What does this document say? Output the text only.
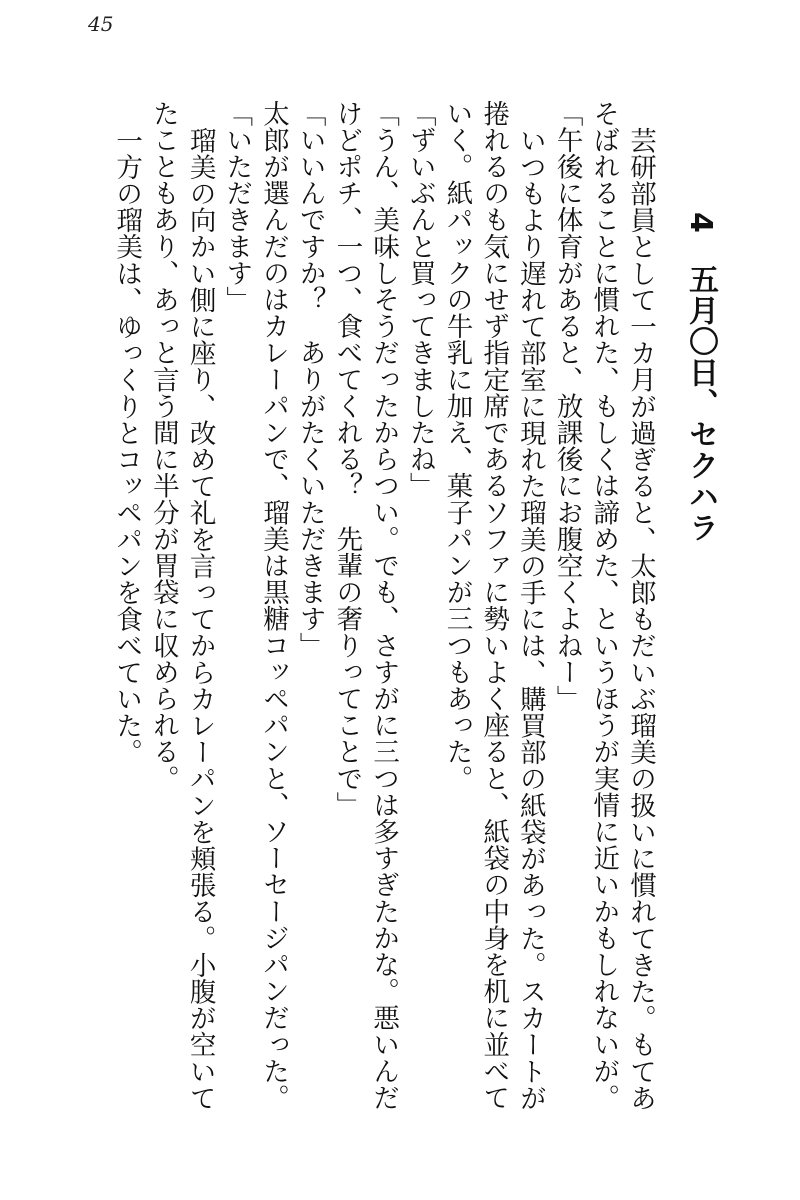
45
4五月〇日、セクハラ
芸研部員として一カ月が過ぎると、太郎もだいぶ瑠美の扱いに慣れてきた。もてあ
そばれることに慣れた、もしくは諦めた、というほうが実情に近いかもしれないが。
「午後に体育があると、放課後にお腹空くよねー」
いつもより遅れて部室に現れた瑠美の手には、購買部の紙袋があった。スカートが
捲れるのも気にせず指定席であるソファに勢いよく座ると、紙袋の中身を机に並べて
いく。紙パックの牛乳に加え、菓子パンが三つもあった。
「ずいぶんと買ってきましたね」
「うん、美味しそうだったからつい。でも、さすがに三つは多すぎたかな。悪いんだ
けどポチ、一つ、食べてくれる？　先輩の奢りってことで」
「いいんですか？　ありがたくいただきます」
太郎が選んだのはカレーパンで、瑠美は黒糖コッペパンと、ソーセージパンだった。
「いただきます」
瑠美の向かい側に座り、改めて礼を言ってからカレーパンを頬張る。小腹が空いて
たこともあり、あっと言う間に半分が胃袋に収められる。
一方の瑠美は、ゆっくりとコッペパンを食べていた。
